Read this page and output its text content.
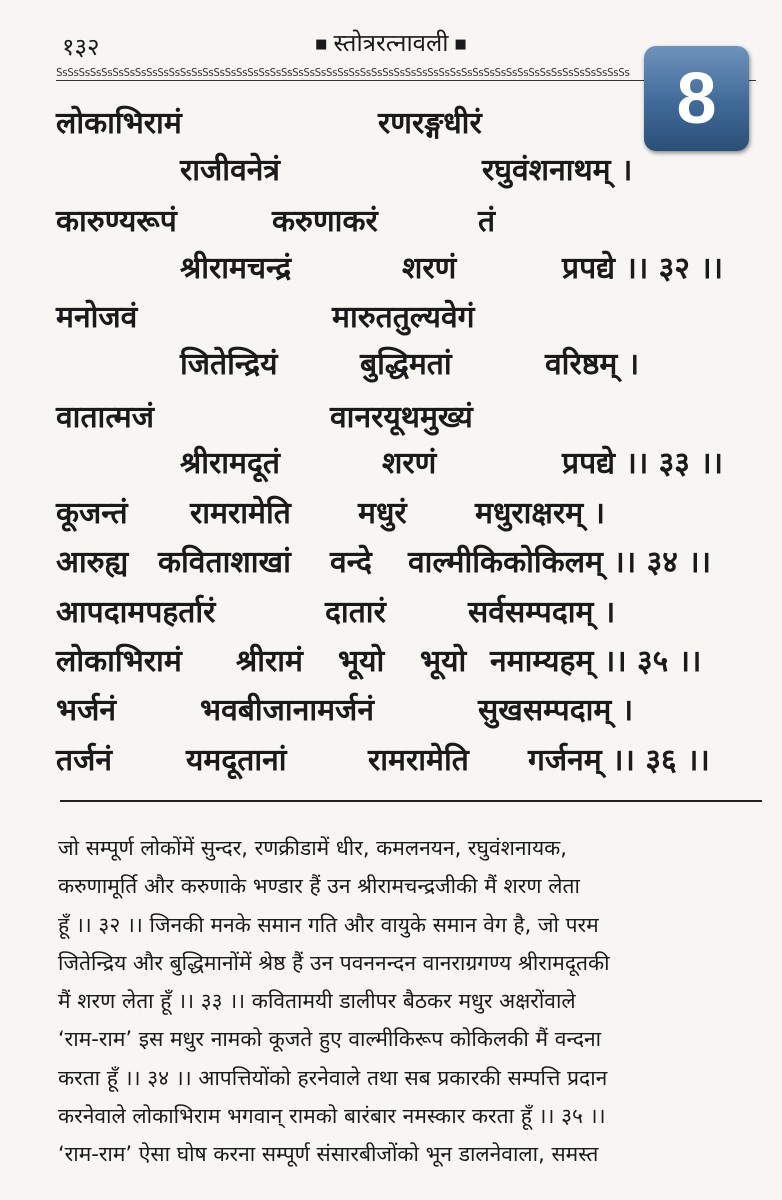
१३२	■ स्तोत्ररत्नावली ■
ЅѕЅѕЅѕЅѕЅѕЅѕЅѕЅѕЅѕЅѕЅѕЅѕЅѕЅѕЅѕЅѕЅѕЅѕЅѕЅѕЅѕЅѕЅѕЅѕЅѕЅѕЅѕЅѕЅѕЅѕЅѕЅѕЅѕЅѕЅѕЅѕЅѕЅѕЅѕЅѕЅѕЅѕЅѕЅѕЅѕЅѕЅѕЅѕЅѕЅѕЅѕ 8
लोकाभिरामं	रणरङ्गधीरं
राजीवनेत्रं	रघुवंशनाथम् ।
कारुण्यरूपं	करुणाकरं	तं
श्रीरामचन्द्रं	शरणं	प्रपद्ये ।। ३२ ।।
मनोजवं	मारुततुल्यवेगं
जितेन्द्रियं	बुद्धिमतां	वरिष्ठम् ।
वातात्मजं	वानरयूथमुख्यं
श्रीरामदूतं	शरणं	प्रपद्ये ।। ३३ ।।
कूजन्तं रामरामेति मधुरं मधुराक्षरम् ।
आरुह्य कविताशाखां वन्दे वाल्मीकिकोकिलम् ।। ३४ ।।
आपदामपहर्तारं	दातारं	सर्वसम्पदाम् ।
लोकाभिरामं श्रीरामं भूयो भूयो नमाम्यहम् ।। ३५ ।।
भर्जनं	भवबीजानामर्जनं	सुखसम्पदाम् ।
तर्जनं यमदूतानां	रामरामेति गर्जनम् ।। ३६ ।।
जो सम्पूर्ण लोकोंमें सुन्दर, रणक्रीडामें धीर, कमलनयन, रघुवंशनायक,
करुणामूर्ति और करुणाके भण्डार हैं उन श्रीरामचन्द्रजीकी मैं शरण लेता
हूँ ।। ३२ ।। जिनकी मनके समान गति और वायुके समान वेग है, जो परम
जितेन्द्रिय और बुद्धिमानोंमें श्रेष्ठ हैं उन पवननन्दन वानराग्रगण्य श्रीरामदूतकी
मैं शरण लेता हूँ ।। ३३ ।। कवितामयी डालीपर बैठकर मधुर अक्षरोंवाले
‘राम-राम’ इस मधुर नामको कूजते हुए वाल्मीकिरूप कोकिलकी मैं वन्दना
करता हूँ ।। ३४ ।। आपत्तियोंको हरनेवाले तथा सब प्रकारकी सम्पत्ति प्रदान
करनेवाले लोकाभिराम भगवान् रामको बारंबार नमस्कार करता हूँ ।। ३५ ।।
‘राम-राम’ ऐसा घोष करना सम्पूर्ण संसारबीजोंको भून डालनेवाला, समस्त
